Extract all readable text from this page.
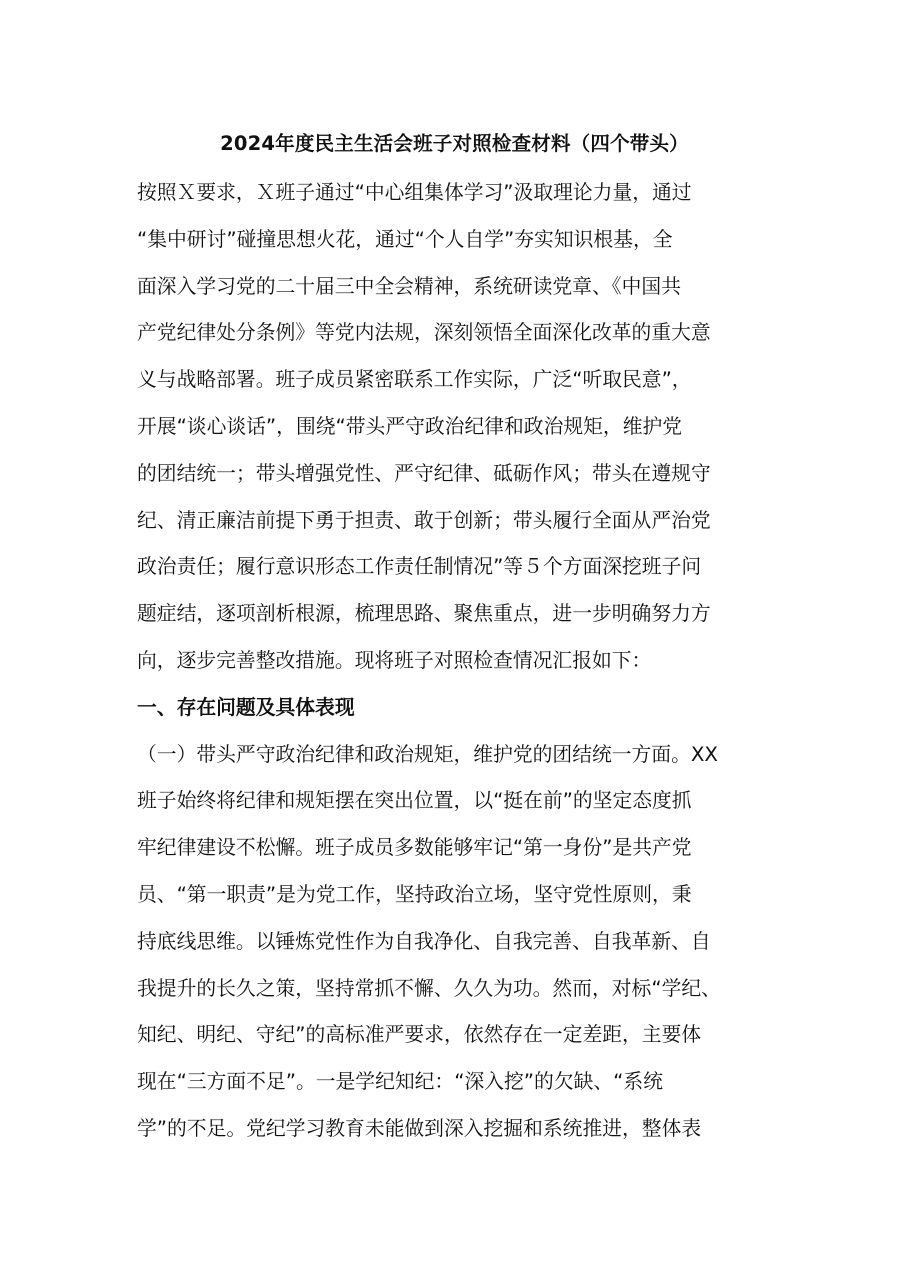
2024年度民主生活会班子对照检查材料（四个带头）
按照Ｘ要求，Ｘ班子通过“中心组集体学习”汲取理论力量，通过
“集中研讨”碰撞思想火花，通过“个人自学”夯实知识根基，全
面深入学习党的二十届三中全会精神，系统研读党章、《中国共
产党纪律处分条例》等党内法规，深刻领悟全面深化改革的重大意
义与战略部署。班子成员紧密联系工作实际，广泛“听取民意”，
开展“谈心谈话”，围绕“带头严守政治纪律和政治规矩，维护党
的团结统一；带头增强党性、严守纪律、砥砺作风；带头在遵规守
纪、清正廉洁前提下勇于担责、敢于创新；带头履行全面从严治党
政治责任；履行意识形态工作责任制情况”等５个方面深挖班子问
题症结，逐项剖析根源，梳理思路、聚焦重点，进一步明确努力方
向，逐步完善整改措施。现将班子对照检查情况汇报如下：
一、存在问题及具体表现
（一）带头严守政治纪律和政治规矩，维护党的团结统一方面。XX
班子始终将纪律和规矩摆在突出位置，以“挺在前”的坚定态度抓
牢纪律建设不松懈。班子成员多数能够牢记“第一身份”是共产党
员、“第一职责”是为党工作，坚持政治立场，坚守党性原则，秉
持底线思维。以锤炼党性作为自我净化、自我完善、自我革新、自
我提升的长久之策，坚持常抓不懈、久久为功。然而，对标“学纪、
知纪、明纪、守纪”的高标准严要求，依然存在一定差距，主要体
现在“三方面不足”。一是学纪知纪：“深入挖”的欠缺、“系统
学”的不足。党纪学习教育未能做到深入挖掘和系统推进，整体表
